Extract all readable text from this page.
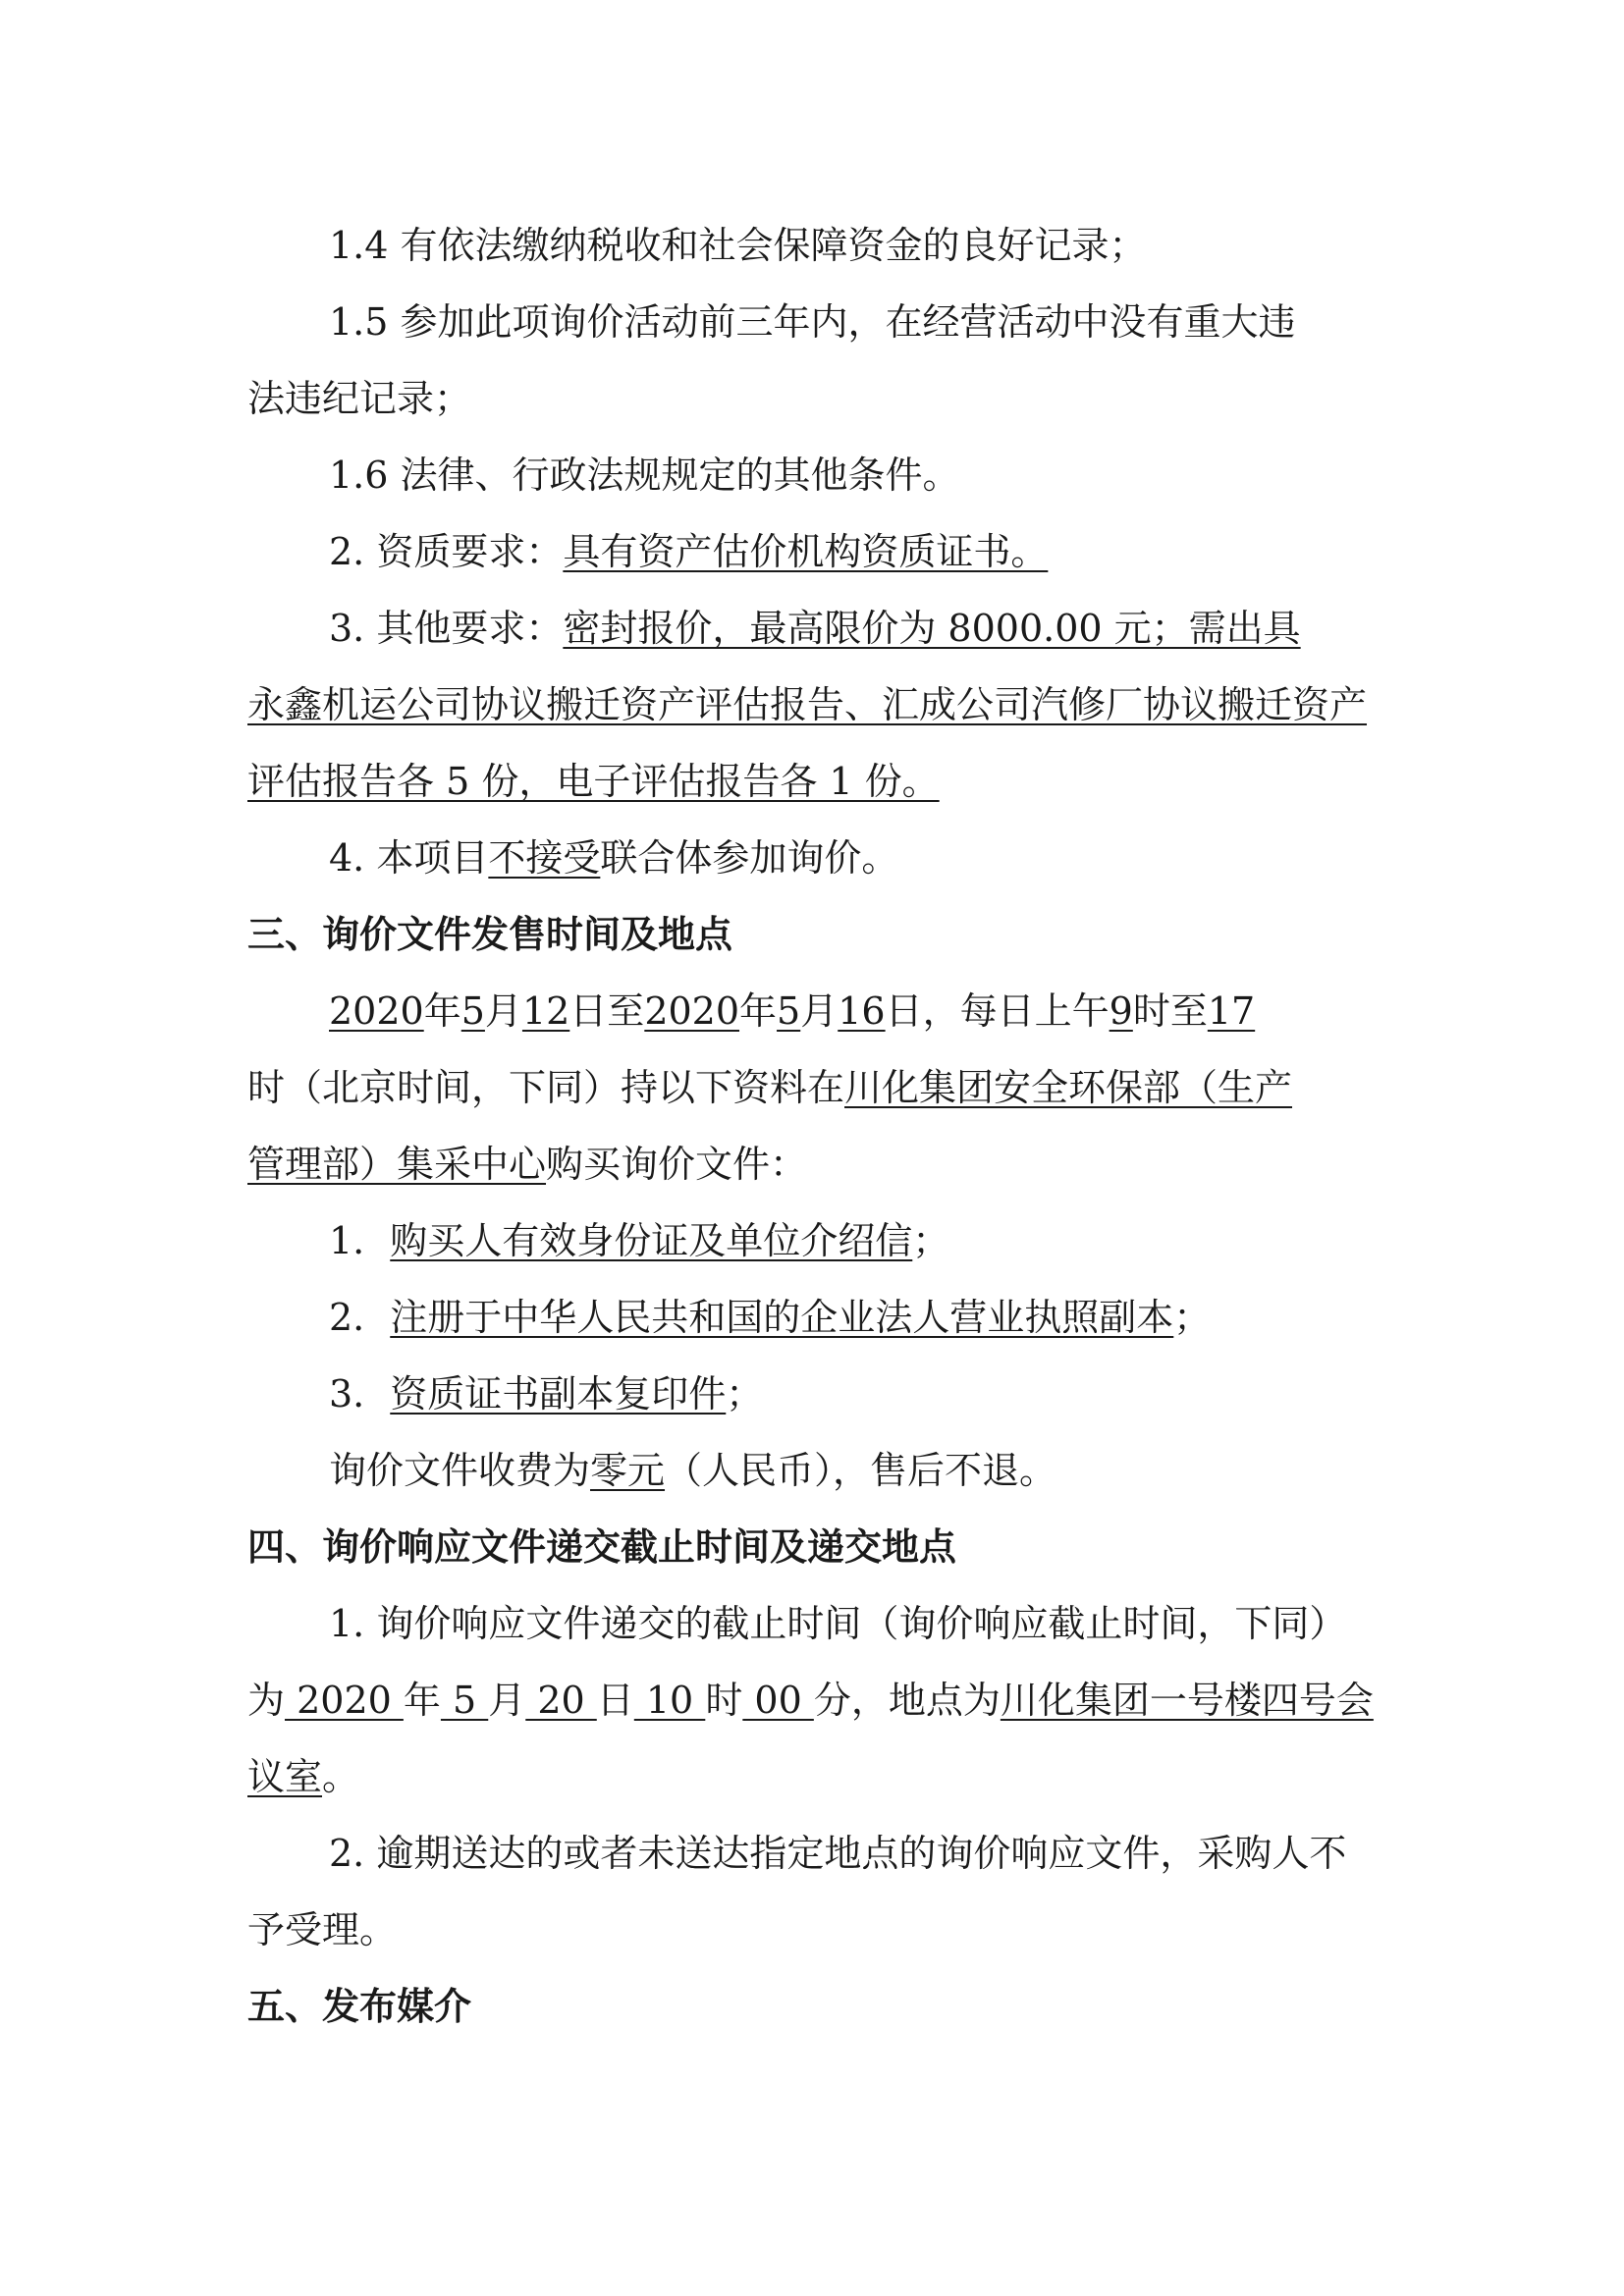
1.4 有依法缴纳税收和社会保障资金的良好记录；
1.5 参加此项询价活动前三年内，在经营活动中没有重大违
法违纪记录；
1.6 法律、行政法规规定的其他条件。
2. 资质要求：具有资产估价机构资质证书。
3. 其他要求：密封报价，最高限价为 8000.00 元；需出具
永鑫机运公司协议搬迁资产评估报告、汇成公司汽修厂协议搬迁资产
评估报告各 5 份，电子评估报告各 1 份。
4. 本项目不接受联合体参加询价。
三、询价文件发售时间及地点
2020年5月12日至2020年5月16日，每日上午9时至17
时（北京时间，下同）持以下资料在川化集团安全环保部（生产
管理部）集采中心购买询价文件：
1. 购买人有效身份证及单位介绍信；
2. 注册于中华人民共和国的企业法人营业执照副本；
3. 资质证书副本复印件；
询价文件收费为零元（人民币），售后不退。
四、询价响应文件递交截止时间及递交地点
1. 询价响应文件递交的截止时间（询价响应截止时间，下同）
为 2020 年 5 月 20 日 10 时 00 分，地点为川化集团一号楼四号会
议室。
2. 逾期送达的或者未送达指定地点的询价响应文件，采购人不
予受理。
五、发布媒介
